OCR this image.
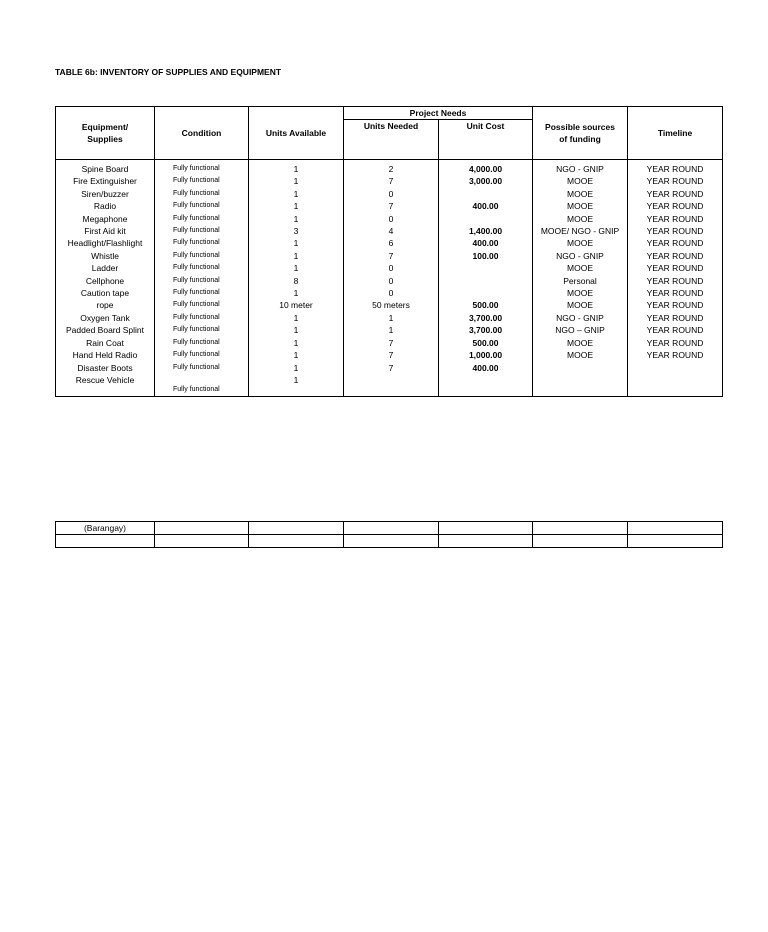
TABLE 6b: INVENTORY OF SUPPLIES AND EQUIPMENT
Equipment/ Supplies	Condition	Units Available	Project Needs		Possible sources of funding	Timeline
			Units Needed	Unit Cost		
Spine Board	Fully functional	1	2	4,000.00	NGO - GNIP	YEAR ROUND
Fire Extinguisher	Fully functional	1	7	3,000.00	MOOE	YEAR ROUND
Siren/buzzer	Fully functional	1	0		MOOE	YEAR ROUND
Radio	Fully functional	1	7	400.00	MOOE	YEAR ROUND
Megaphone	Fully functional	1	0		MOOE	YEAR ROUND
First Aid kit	Fully functional	3	4	1,400.00	MOOE/ NGO - GNIP	YEAR ROUND
Headlight/Flashlight	Fully functional	1	6	400.00	MOOE	YEAR ROUND
Whistle	Fully functional	1	7	100.00	NGO - GNIP	YEAR ROUND
Ladder	Fully functional	1	0		MOOE	YEAR ROUND
Cellphone	Fully functional	8	0		Personal	YEAR ROUND
Caution tape	Fully functional	1	0		MOOE	YEAR ROUND
rope	Fully functional	10 meter	50 meters	500.00	MOOE	YEAR ROUND
Oxygen Tank	Fully functional	1	1	3,700.00	NGO - GNIP	YEAR ROUND
Padded Board Splint	Fully functional	1	1	3,700.00	NGO – GNIP	YEAR ROUND
Rain Coat	Fully functional	1	7	500.00	MOOE	YEAR ROUND
Hand Held Radio	Fully functional	1	7	1,000.00	MOOE	YEAR ROUND
Disaster Boots	Fully functional	1	7	400.00		
Rescue Vehicle	Fully functional	1				
(Barangay)						
